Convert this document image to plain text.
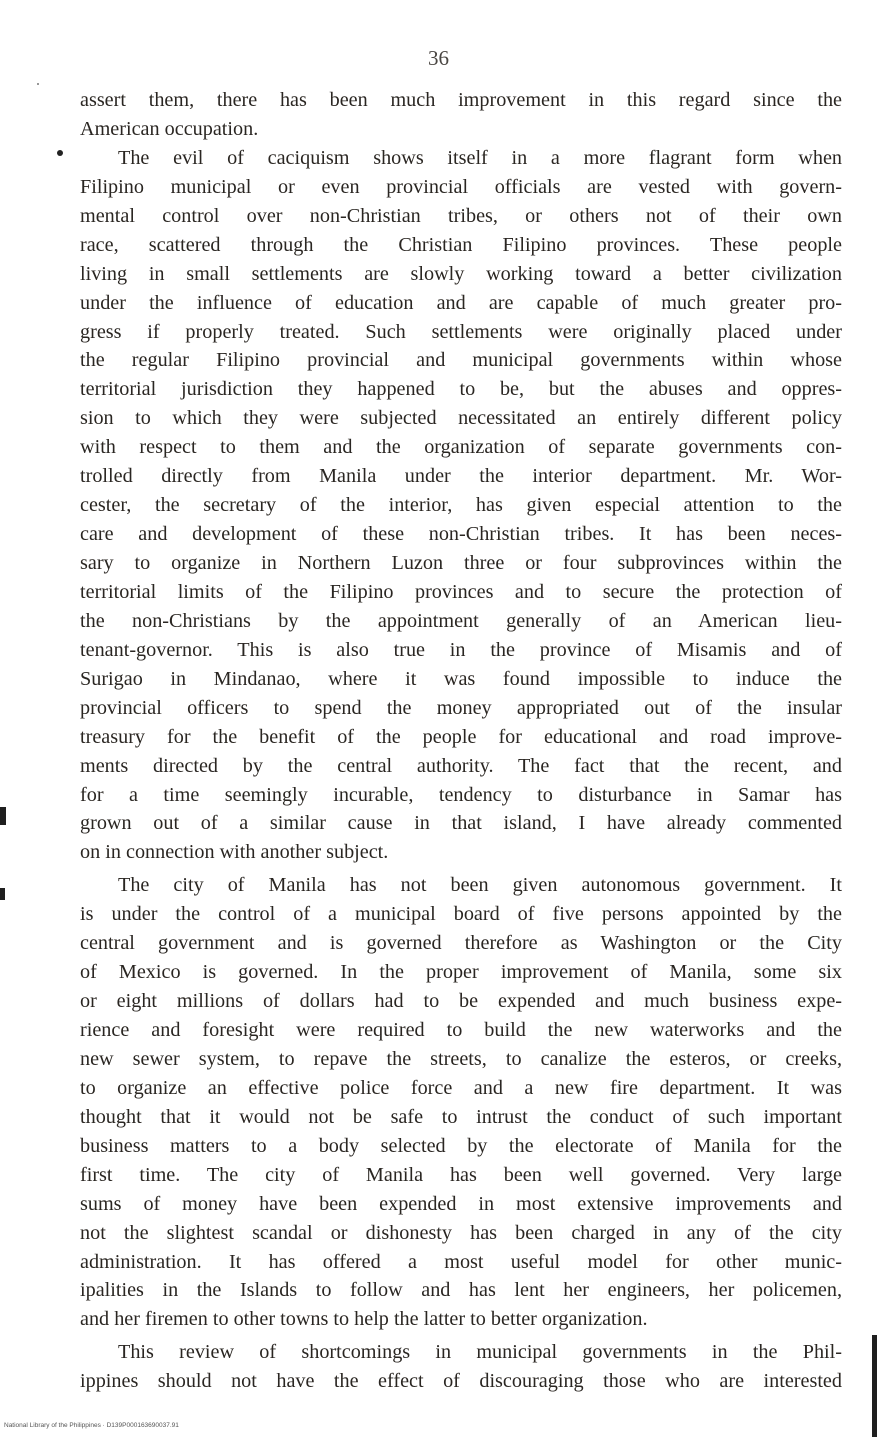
36
assert them, there has been much improvement in this regard since the
American occupation.
The evil of caciquism shows itself in a more flagrant form when
Filipino municipal or even provincial officials are vested with govern-
mental control over non-Christian tribes, or others not of their own
race, scattered through the Christian Filipino provinces. These people
living in small settlements are slowly working toward a better civilization
under the influence of education and are capable of much greater pro-
gress if properly treated. Such settlements were originally placed under
the regular Filipino provincial and municipal governments within whose
territorial jurisdiction they happened to be, but the abuses and oppres-
sion to which they were subjected necessitated an entirely different policy
with respect to them and the organization of separate governments con-
trolled directly from Manila under the interior department. Mr. Wor-
cester, the secretary of the interior, has given especial attention to the
care and development of these non-Christian tribes. It has been neces-
sary to organize in Northern Luzon three or four subprovinces within the
territorial limits of the Filipino provinces and to secure the protection of
the non-Christians by the appointment generally of an American lieu-
tenant-governor. This is also true in the province of Misamis and of
Surigao in Mindanao, where it was found impossible to induce the
provincial officers to spend the money appropriated out of the insular
treasury for the benefit of the people for educational and road improve-
ments directed by the central authority. The fact that the recent, and
for a time seemingly incurable, tendency to disturbance in Samar has
grown out of a similar cause in that island, I have already commented
on in connection with another subject.
The city of Manila has not been given autonomous government. It
is under the control of a municipal board of five persons appointed by the
central government and is governed therefore as Washington or the City
of Mexico is governed. In the proper improvement of Manila, some six
or eight millions of dollars had to be expended and much business expe-
rience and foresight were required to build the new waterworks and the
new sewer system, to repave the streets, to canalize the esteros, or creeks,
to organize an effective police force and a new fire department. It was
thought that it would not be safe to intrust the conduct of such important
business matters to a body selected by the electorate of Manila for the
first time. The city of Manila has been well governed. Very large
sums of money have been expended in most extensive improvements and
not the slightest scandal or dishonesty has been charged in any of the city
administration. It has offered a most useful model for other munic-
ipalities in the Islands to follow and has lent her engineers, her policemen,
and her firemen to other towns to help the latter to better organization.
This review of shortcomings in municipal governments in the Phil-
ippines should not have the effect of discouraging those who are interested
National Library of the Philippines · D139P000163690037.91
